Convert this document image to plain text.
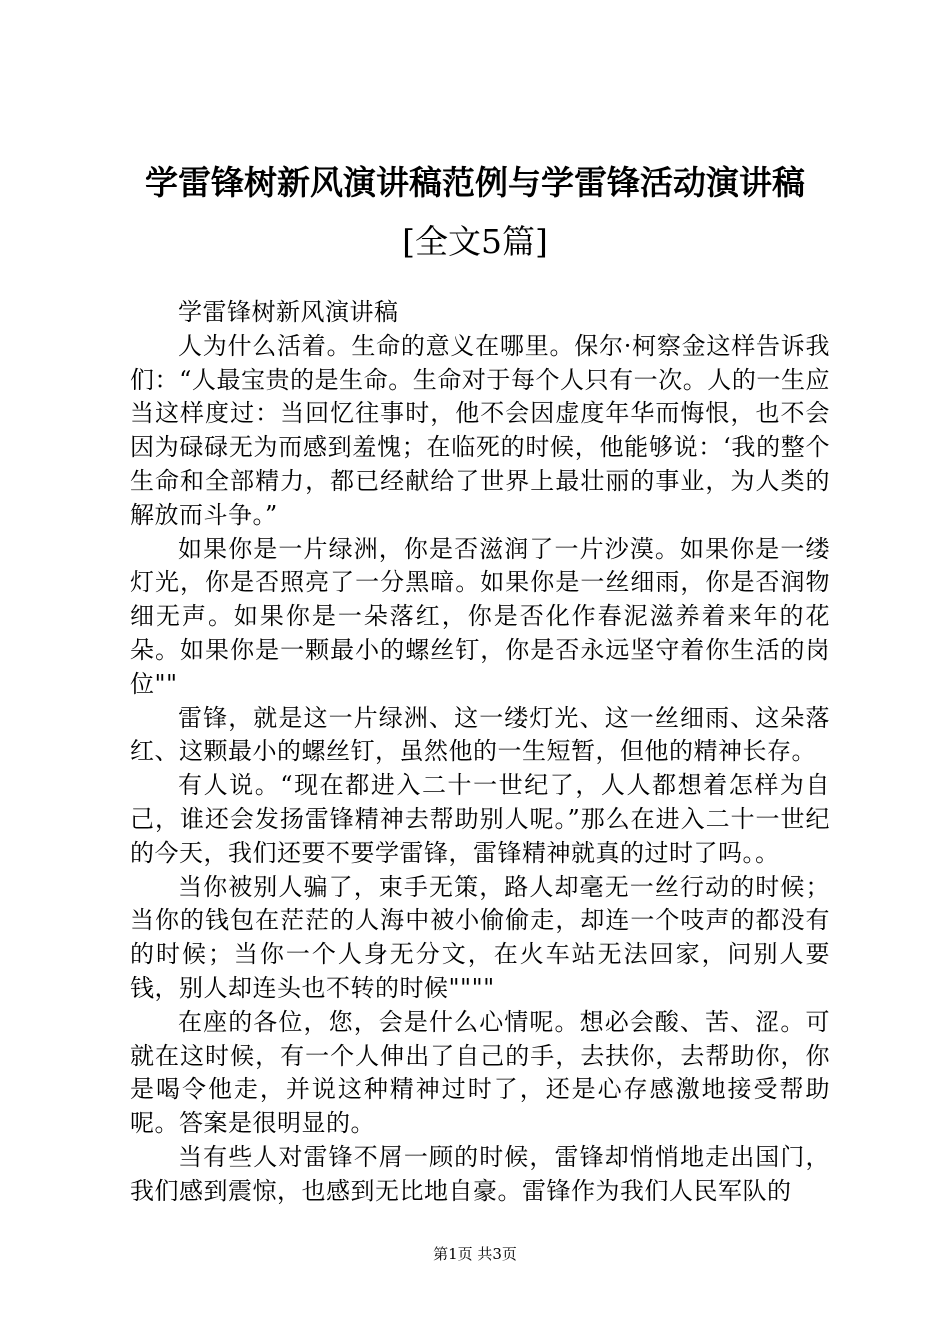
学雷锋树新风演讲稿范例与学雷锋活动演讲稿
[全文5篇]

学雷锋树新风演讲稿

人为什么活着。生命的意义在哪里。保尔·柯察金这样告诉我们：“人最宝贵的是生命。生命对于每个人只有一次。人的一生应当这样度过：当回忆往事时，他不会因虚度年华而悔恨，也不会因为碌碌无为而感到羞愧；在临死的时候，他能够说：‘我的整个生命和全部精力，都已经献给了世界上最壮丽的事业，为人类的解放而斗争。”

如果你是一片绿洲，你是否滋润了一片沙漠。如果你是一缕灯光，你是否照亮了一分黑暗。如果你是一丝细雨，你是否润物细无声。如果你是一朵落红，你是否化作春泥滋养着来年的花朵。如果你是一颗最小的螺丝钉，你是否永远坚守着你生活的岗位""

雷锋，就是这一片绿洲、这一缕灯光、这一丝细雨、这朵落红、这颗最小的螺丝钉，虽然他的一生短暂，但他的精神长存。

有人说。“现在都进入二十一世纪了，人人都想着怎样为自己，谁还会发扬雷锋精神去帮助别人呢。”那么在进入二十一世纪的今天，我们还要不要学雷锋，雷锋精神就真的过时了吗。。

当你被别人骗了，束手无策，路人却毫无一丝行动的时候；当你的钱包在茫茫的人海中被小偷偷走，却连一个吱声的都没有的时候；当你一个人身无分文，在火车站无法回家，问别人要钱，别人却连头也不转的时候""""

在座的各位，您，会是什么心情呢。想必会酸、苦、涩。可就在这时候，有一个人伸出了自己的手，去扶你，去帮助你，你是喝令他走，并说这种精神过时了，还是心存感激地接受帮助呢。答案是很明显的。

当有些人对雷锋不屑一顾的时候，雷锋却悄悄地走出国门，我们感到震惊，也感到无比地自豪。雷锋作为我们人民军队的

第1页 共3页
